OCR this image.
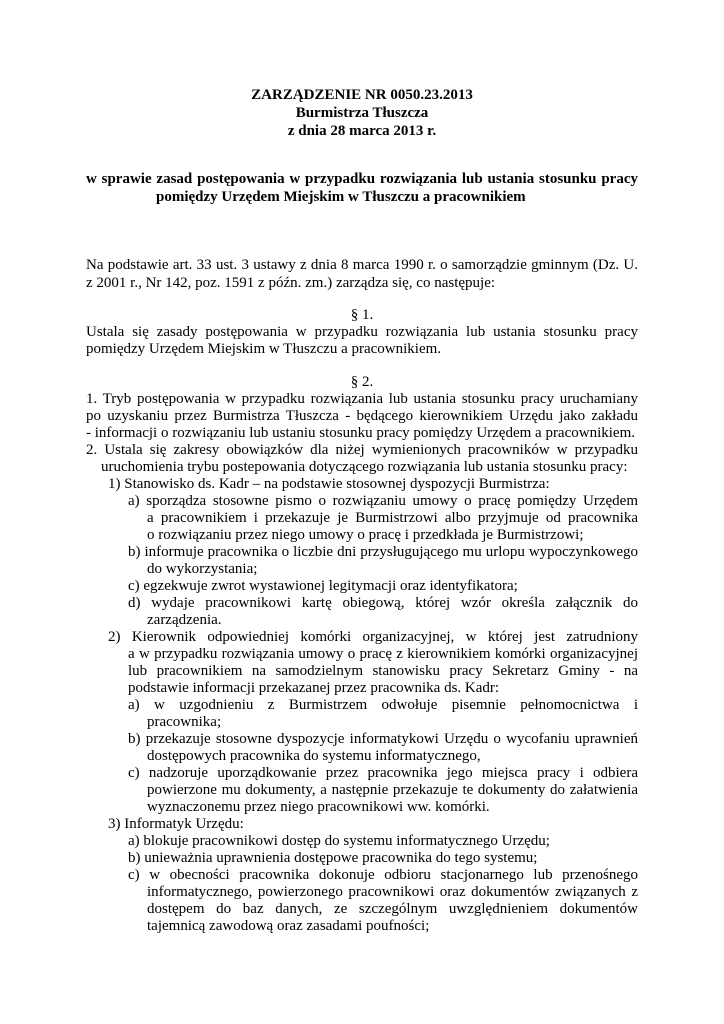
ZARZĄDZENIE NR 0050.23.2013
Burmistrza Tłuszcza
z dnia 28 marca 2013 r.
w sprawie zasad postępowania w przypadku rozwiązania lub ustania stosunku pracy
pomiędzy Urzędem Miejskim w Tłuszczu a pracownikiem
Na podstawie art. 33 ust. 3 ustawy z dnia 8 marca 1990 r. o samorządzie gminnym (Dz. U.
z 2001 r., Nr 142, poz. 1591 z późn. zm.) zarządza się, co następuje:
§ 1.
Ustala się zasady postępowania w przypadku rozwiązania lub ustania stosunku pracy
pomiędzy Urzędem Miejskim w Tłuszczu a pracownikiem.
§ 2.
1. Tryb postępowania w przypadku rozwiązania lub ustania stosunku pracy uruchamiany
po uzyskaniu przez Burmistrza Tłuszcza - będącego kierownikiem Urzędu jako zakładu
- informacji o rozwiązaniu lub ustaniu stosunku pracy pomiędzy Urzędem a pracownikiem.
2. Ustala się zakresy obowiązków dla niżej wymienionych pracowników w przypadku
uruchomienia trybu postepowania dotyczącego rozwiązania lub ustania stosunku pracy:
1) Stanowisko ds. Kadr – na podstawie stosownej dyspozycji Burmistrza:
a) sporządza stosowne pismo o rozwiązaniu umowy o pracę pomiędzy Urzędem
a pracownikiem i przekazuje je Burmistrzowi albo przyjmuje od pracownika
o rozwiązaniu przez niego umowy o pracę i przedkłada je Burmistrzowi;
b) informuje pracownika o liczbie dni przysługującego mu urlopu wypoczynkowego
do wykorzystania;
c) egzekwuje zwrot wystawionej legitymacji oraz identyfikatora;
d) wydaje pracownikowi kartę obiegową, której wzór określa załącznik do
zarządzenia.
2) Kierownik odpowiedniej komórki organizacyjnej, w której jest zatrudniony
a w przypadku rozwiązania umowy o pracę z kierownikiem komórki organizacyjnej
lub pracownikiem na samodzielnym stanowisku pracy Sekretarz Gminy - na
podstawie informacji przekazanej przez pracownika ds. Kadr:
a) w uzgodnieniu z Burmistrzem odwołuje pisemnie pełnomocnictwa i
pracownika;
b) przekazuje stosowne dyspozycje informatykowi Urzędu o wycofaniu uprawnień
dostępowych pracownika do systemu informatycznego,
c) nadzoruje uporządkowanie przez pracownika jego miejsca pracy i odbiera
powierzone mu dokumenty, a następnie przekazuje te dokumenty do załatwienia
wyznaczonemu przez niego pracownikowi ww. komórki.
3) Informatyk Urzędu:
a) blokuje pracownikowi dostęp do systemu informatycznego Urzędu;
b) unieważnia uprawnienia dostępowe pracownika do tego systemu;
c) w obecności pracownika dokonuje odbioru stacjonarnego lub przenośnego
informatycznego, powierzonego pracownikowi oraz dokumentów związanych z
dostępem do baz danych, ze szczególnym uwzględnieniem dokumentów
tajemnicą zawodową oraz zasadami poufności;
